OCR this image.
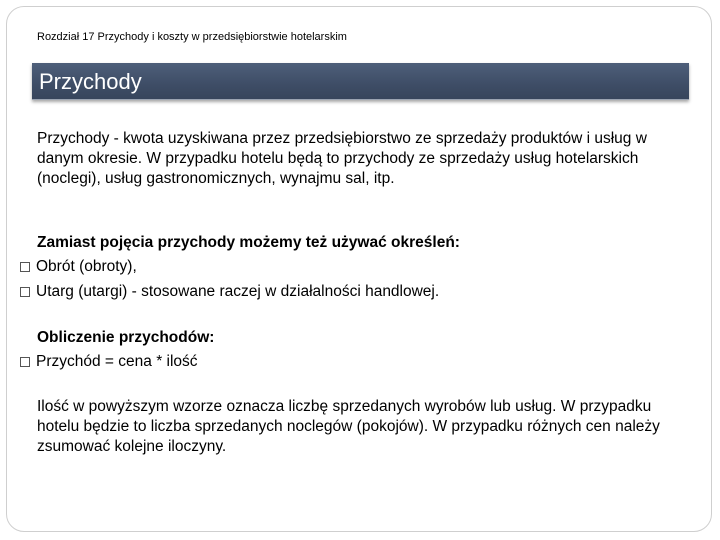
Rozdział 17 Przychody i koszty w przedsiębiorstwie hotelarskim
Przychody
Przychody - kwota uzyskiwana przez przedsiębiorstwo ze sprzedaży produktów i usług w danym okresie. W przypadku hotelu będą to przychody ze sprzedaży usług hotelarskich (noclegi), usług gastronomicznych, wynajmu sal, itp.
Zamiast pojęcia przychody możemy też używać określeń:
Obrót (obroty),
Utarg (utargi) - stosowane raczej w działalności handlowej.
Obliczenie przychodów:
Przychód = cena * ilość
Ilość w powyższym wzorze oznacza liczbę sprzedanych wyrobów lub usług. W przypadku hotelu będzie to liczba sprzedanych noclegów (pokojów). W przypadku różnych cen należy zsumować kolejne iloczyny.
